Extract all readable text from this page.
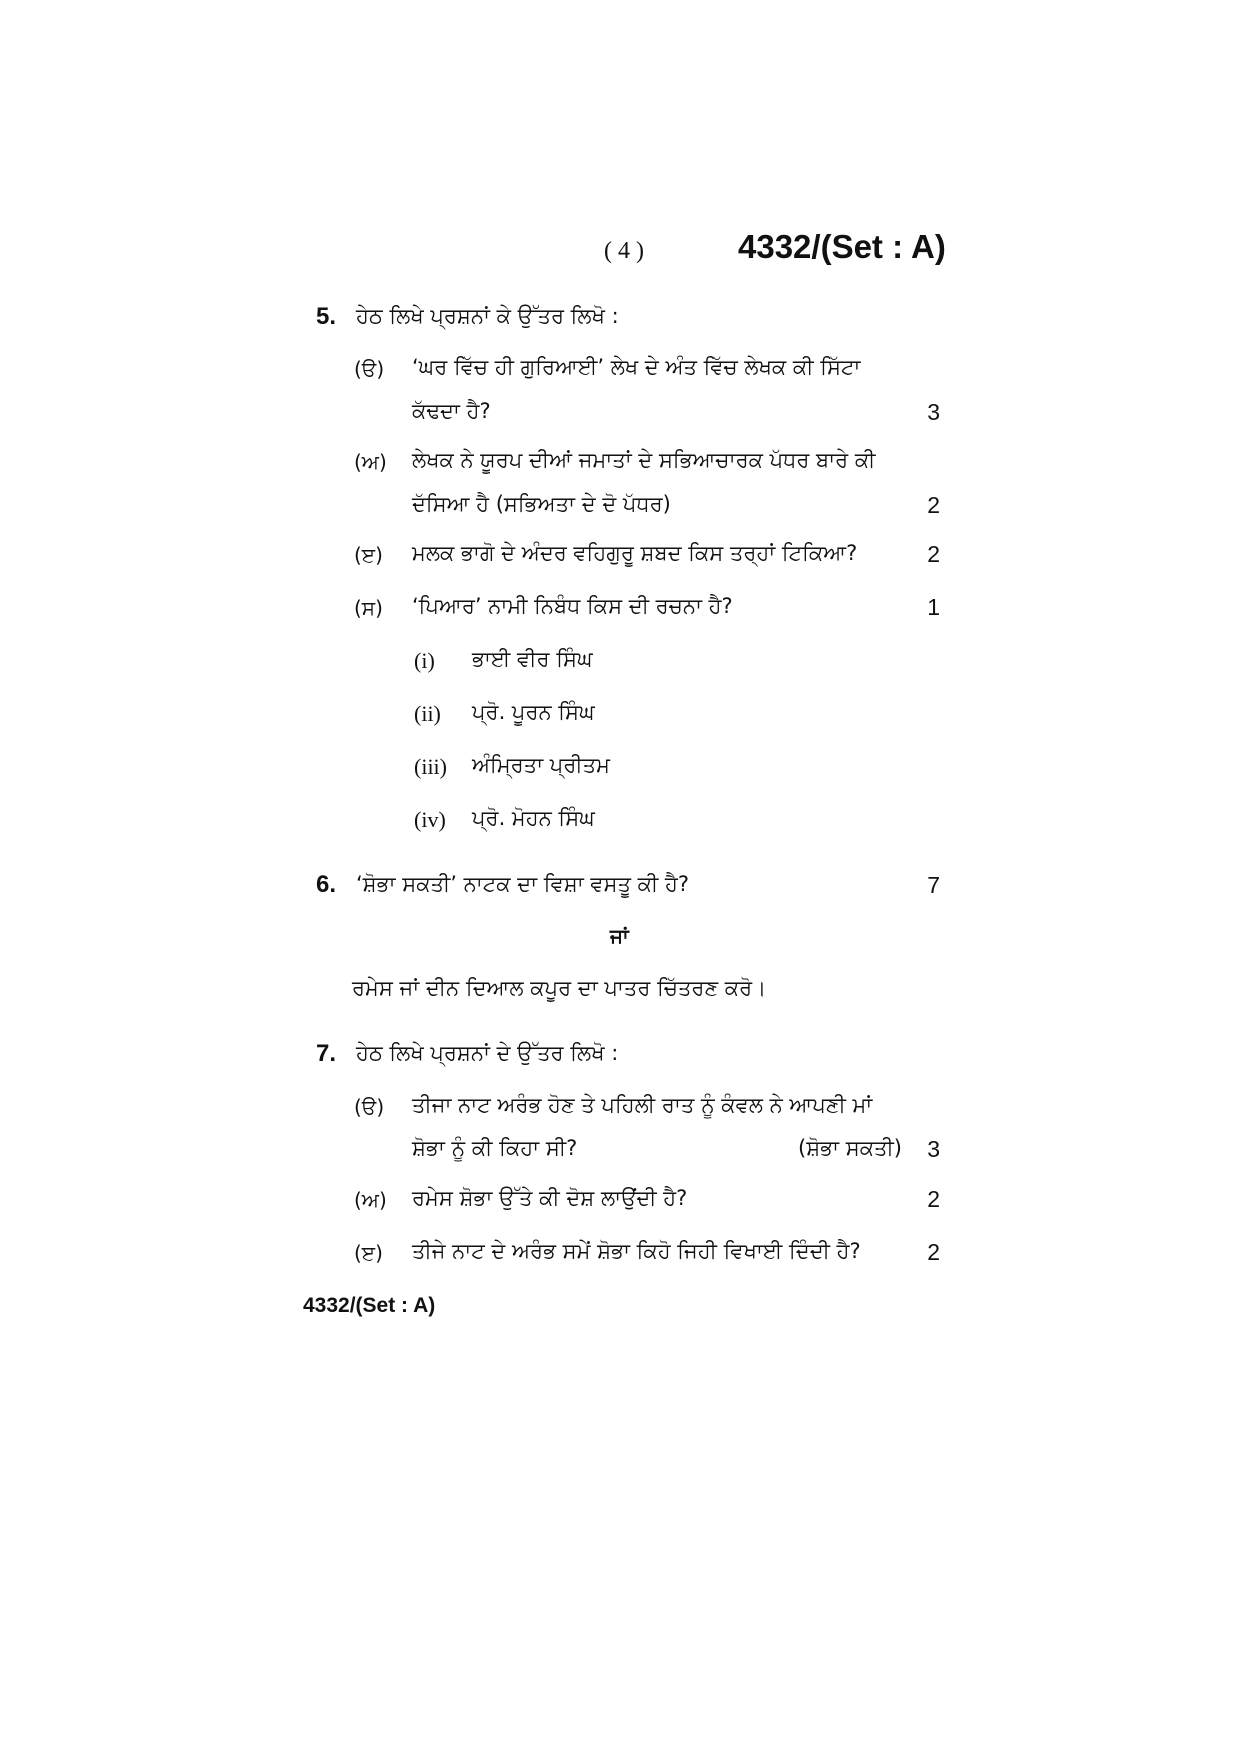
( 4 )	4332/(Set : A)
5. ਹੇਠ ਲਿਖੇ ਪ੍ਰਸ਼ਨਾਂ ਕੇ ਉੱਤਰ ਲਿਖੋ :
(ੳ) ‘ਘਰ ਵਿੱਚ ਹੀ ਗੁਰਿਆਈ’ ਲੇਖ ਦੇ ਅੰਤ ਵਿੱਚ ਲੇਖਕ ਕੀ ਸਿੱਟਾ
ਕੱਢਦਾ ਹੈ?	3
(ਅ) ਲੇਖਕ ਨੇ ਯੂਰਪ ਦੀਆਂ ਜਮਾਤਾਂ ਦੇ ਸਭਿਆਚਾਰਕ ਪੱਧਰ ਬਾਰੇ ਕੀ
ਦੱਸਿਆ ਹੈ (ਸਭਿਅਤਾ ਦੇ ਦੋ ਪੱਧਰ)	2
(ੲ) ਮਲਕ ਭਾਗੋ ਦੇ ਅੰਦਰ ਵਹਿਗੁਰੂ ਸ਼ਬਦ ਕਿਸ ਤਰ੍ਹਾਂ ਟਿਕਿਆ?	2
(ਸ) ‘ਪਿਆਰ’ ਨਾਮੀ ਨਿਬੰਧ ਕਿਸ ਦੀ ਰਚਨਾ ਹੈ?	1
(i) ਭਾਈ ਵੀਰ ਸਿੰਘ
(ii) ਪ੍ਰੋ. ਪੂਰਨ ਸਿੰਘ
(iii) ਅੰਮ੍ਰਿਤਾ ਪ੍ਰੀਤਮ
(iv) ਪ੍ਰੋ. ਮੋਹਨ ਸਿੰਘ
6. ‘ਸ਼ੋਭਾ ਸਕਤੀ’ ਨਾਟਕ ਦਾ ਵਿਸ਼ਾ ਵਸਤੂ ਕੀ ਹੈ?	7
ਜਾਂ
ਰਮੇਸ ਜਾਂ ਦੀਨ ਦਿਆਲ ਕਪੂਰ ਦਾ ਪਾਤਰ ਚਿੱਤਰਣ ਕਰੋ।
7. ਹੇਠ ਲਿਖੇ ਪ੍ਰਸ਼ਨਾਂ ਦੇ ਉੱਤਰ ਲਿਖੋ :
(ੳ) ਤੀਜਾ ਨਾਟ ਅਰੰਭ ਹੋਣ ਤੇ ਪਹਿਲੀ ਰਾਤ ਨੂੰ ਕੰਵਲ ਨੇ ਆਪਣੀ ਮਾਂ
ਸ਼ੋਭਾ ਨੂੰ ਕੀ ਕਿਹਾ ਸੀ?	(ਸ਼ੋਭਾ ਸਕਤੀ)	3
(ਅ) ਰਮੇਸ ਸ਼ੋਭਾ ਉੱਤੇ ਕੀ ਦੋਸ਼ ਲਾਉਂਦੀ ਹੈ?	2
(ੲ) ਤੀਜੇ ਨਾਟ ਦੇ ਅਰੰਭ ਸਮੇਂ ਸ਼ੋਭਾ ਕਿਹੋ ਜਿਹੀ ਵਿਖਾਈ ਦਿੰਦੀ ਹੈ?	2
4332/(Set : A)
